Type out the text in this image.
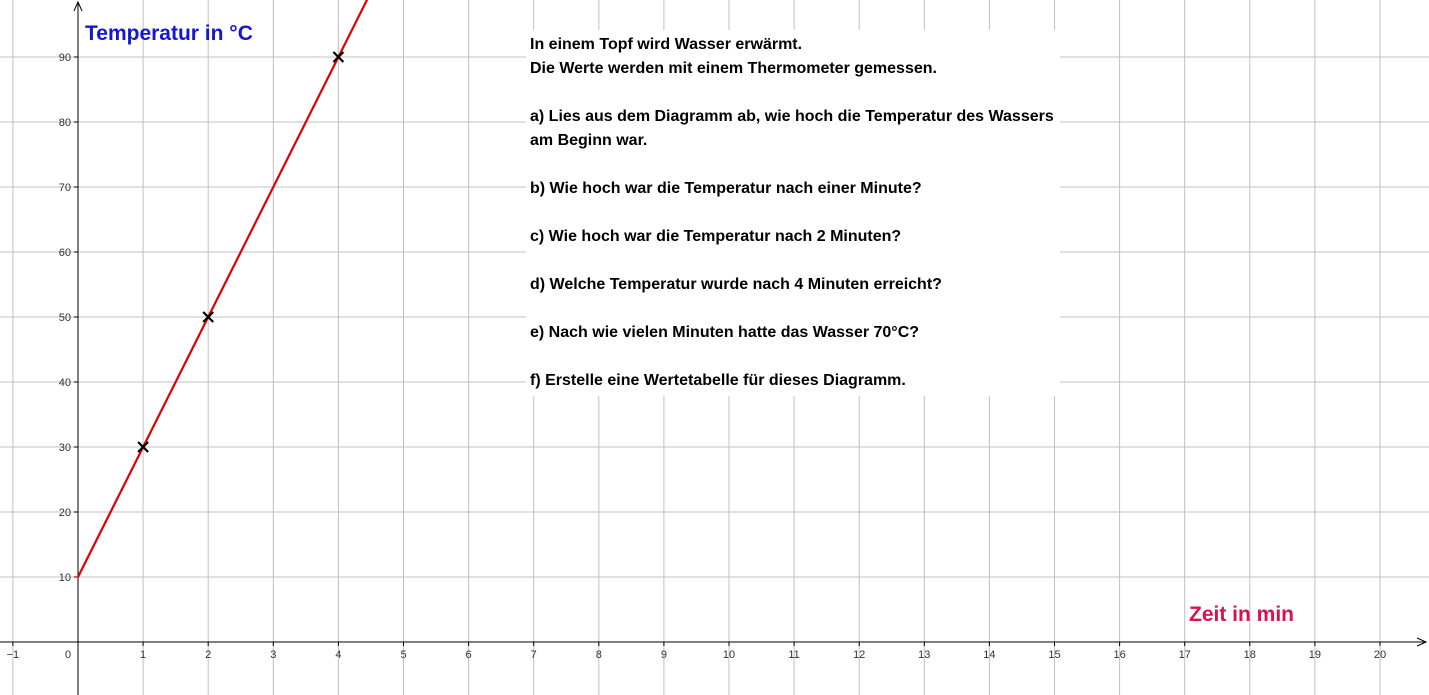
−1	0	1	2	3	4	5	6	7	8	9	10	11	12	13	14	15	16	17	18	19	20
10
20
30
40
50
60
70
80
90
Temperatur in °C
Zeit in min

In einem Topf wird Wasser erwärmt.

Die Werte werden mit einem Thermometer gemessen.

a) Lies aus dem Diagramm ab, wie hoch die Temperatur des Wassers

am Beginn war.

b) Wie hoch war die Temperatur nach einer Minute?

c) Wie hoch war die Temperatur nach 2 Minuten?

d) Welche Temperatur wurde nach 4 Minuten erreicht?

e) Nach wie vielen Minuten hatte das Wasser 70°C?

f) Erstelle eine Wertetabelle für dieses Diagramm.
